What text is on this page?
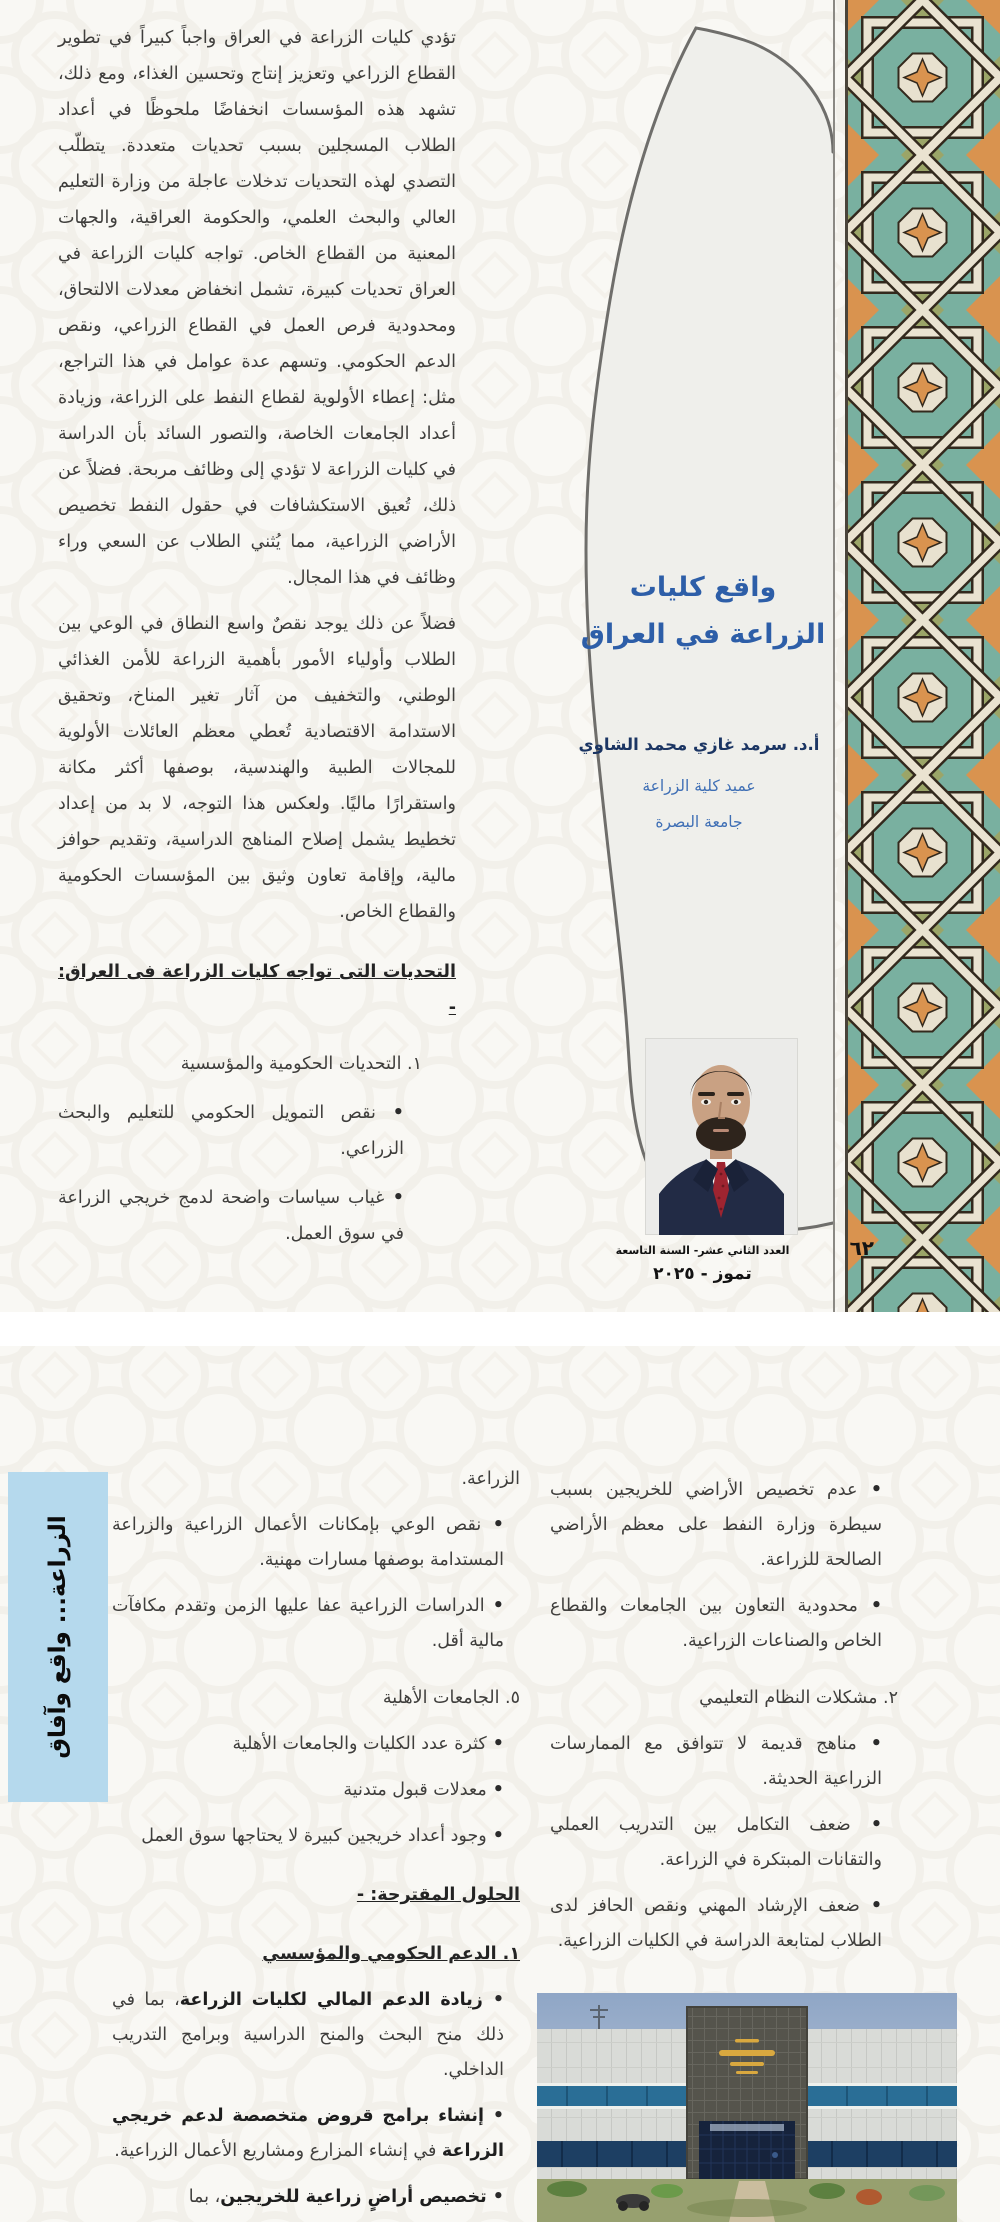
تؤدي كليات الزراعة في العراق واجباً كبيراً في تطوير القطاع الزراعي وتعزيز إنتاج وتحسين الغذاء، ومع ذلك، تشهد هذه المؤسسات انخفاضًا ملحوظًا في أعداد الطلاب المسجلين بسبب تحديات متعددة. يتطلّب التصدي لهذه التحديات تدخلات عاجلة من وزارة التعليم العالي والبحث العلمي، والحكومة العراقية، والجهات المعنية من القطاع الخاص. تواجه كليات الزراعة في العراق تحديات كبيرة، تشمل انخفاض معدلات الالتحاق، ومحدودية فرص العمل في القطاع الزراعي، ونقص الدعم الحكومي. وتسهم عدة عوامل في هذا التراجع، مثل: إعطاء الأولوية لقطاع النفط على الزراعة، وزيادة أعداد الجامعات الخاصة، والتصور السائد بأن الدراسة في كليات الزراعة لا تؤدي إلى وظائف مربحة. فضلاً عن ذلك، تُعيق الاستكشافات في حقول النفط تخصيص الأراضي الزراعية، مما يُثني الطلاب عن السعي وراء وظائف في هذا المجال.

فضلاً عن ذلك يوجد نقصٌ واسع النطاق في الوعي بين الطلاب وأولياء الأمور بأهمية الزراعة للأمن الغذائي الوطني، والتخفيف من آثار تغير المناخ، وتحقيق الاستدامة الاقتصادية تُعطي معظم العائلات الأولوية للمجالات الطبية والهندسية، بوصفها أكثر مكانة واستقرارًا ماليًا. ولعكس هذا التوجه، لا بد من إعداد تخطيط يشمل إصلاح المناهج الدراسية، وتقديم حوافز مالية، وإقامة تعاون وثيق بين المؤسسات الحكومية والقطاع الخاص.

التحديات التى تواجه كليات الزراعة فى العراق: -
١. التحديات الحكومية والمؤسسية
• نقص التمويل الحكومي للتعليم والبحث الزراعي.
• غياب سياسات واضحة لدمج خريجي الزراعة في سوق العمل.
واقع كليات
الزراعة في العراق
أ.د. سرمد غازي محمد الشاوي
عميد كلية الزراعة
جامعة البصرة
العدد الثاني عشر- السنة التاسعة
تموز - ٢٠٢٥
٦٢
الزراعة... واقع وآفاق
• عدم تخصيص الأراضي للخريجين بسبب سيطرة وزارة النفط على معظم الأراضي الصالحة للزراعة.
• محدودية التعاون بين الجامعات والقطاع الخاص والصناعات الزراعية.
٢. مشكلات النظام التعليمي
• مناهج قديمة لا تتوافق مع الممارسات الزراعية الحديثة.
• ضعف التكامل بين التدريب العملي والتقانات المبتكرة في الزراعة.
• ضعف الإرشاد المهني ونقص الحافز لدى الطلاب لمتابعة الدراسة في الكليات الزراعية.
الزراعة.
• نقص الوعي بإمكانات الأعمال الزراعية والزراعة المستدامة بوصفها مسارات مهنية.
• الدراسات الزراعية عفا عليها الزمن وتقدم مكافآت مالية أقل.
٥. الجامعات الأهلية
• كثرة عدد الكليات والجامعات الأهلية
• معدلات قبول متدنية
• وجود أعداد خريجين كبيرة لا يحتاجها سوق العمل
الحلول المقترحة: -
١. الدعم الحكومي والمؤسسي
• زيادة الدعم المالي لكليات الزراعة، بما في ذلك منح البحث والمنح الدراسية وبرامج التدريب الداخلي.
• إنشاء برامج قروض متخصصة لدعم خريجي الزراعة في إنشاء المزارع ومشاريع الأعمال الزراعية.
• تخصيص أراضٍ زراعية للخريجين، بما
